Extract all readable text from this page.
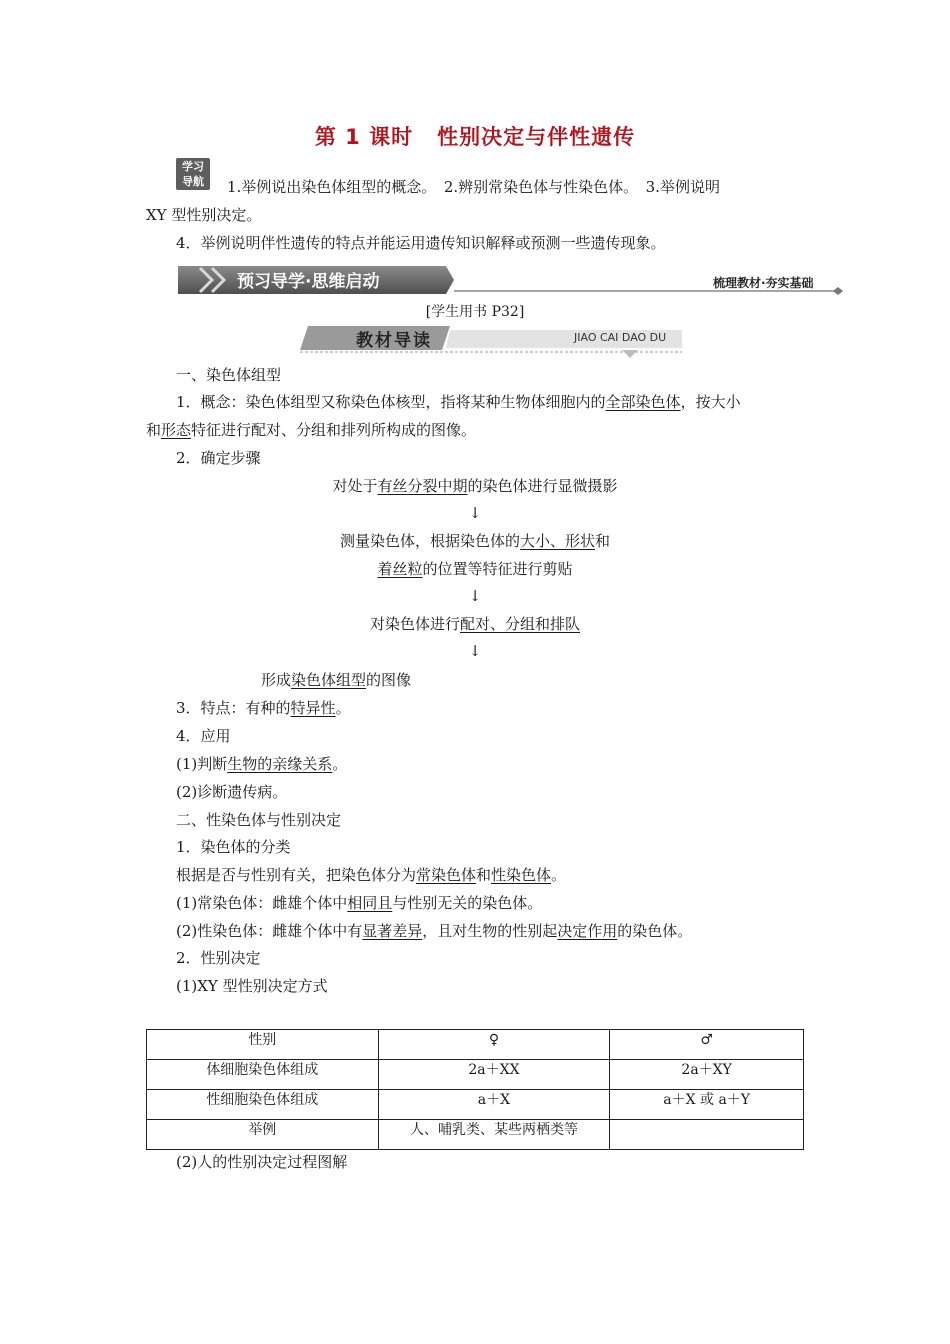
第 1 课时 性别决定与伴性遗传
学习
导航	1.举例说出染色体组型的概念。　2.辨别常染色体与性染色体。　3.举例说明
XY 型性别决定。
4．举例说明伴性遗传的特点并能运用遗传知识解释或预测一些遗传现象。
预习导学·思维启动	梳理教材·夯实基础
[学生用书 P32]
教材导读	JIAO CAI DAO DU
一、染色体组型
1．概念：染色体组型又称染色体核型，指将某种生物体细胞内的全部染色体，按大小
和形态特征进行配对、分组和排列所构成的图像。
2．确定步骤
对处于有丝分裂中期的染色体进行显微摄影
↓
测量染色体，根据染色体的大小、形状和
着丝粒的位置等特征进行剪贴
↓
对染色体进行配对、分组和排队
↓
形成染色体组型的图像
3．特点：有种的特异性。
4．应用
(1)判断生物的亲缘关系。
(2)诊断遗传病。
二、性染色体与性别决定
1．染色体的分类
根据是否与性别有关，把染色体分为常染色体和性染色体。
(1)常染色体：雌雄个体中相同且与性别无关的染色体。
(2)性染色体：雌雄个体中有显著差异，且对生物的性别起决定作用的染色体。
2．性别决定
(1)XY 型性别决定方式
性别	♀	♂
体细胞染色体组成	2a＋XX	2a＋XY
性细胞染色体组成	a＋X	a＋X 或 a＋Y
举例	人、哺乳类、某些两栖类等	
(2)人的性别决定过程图解
